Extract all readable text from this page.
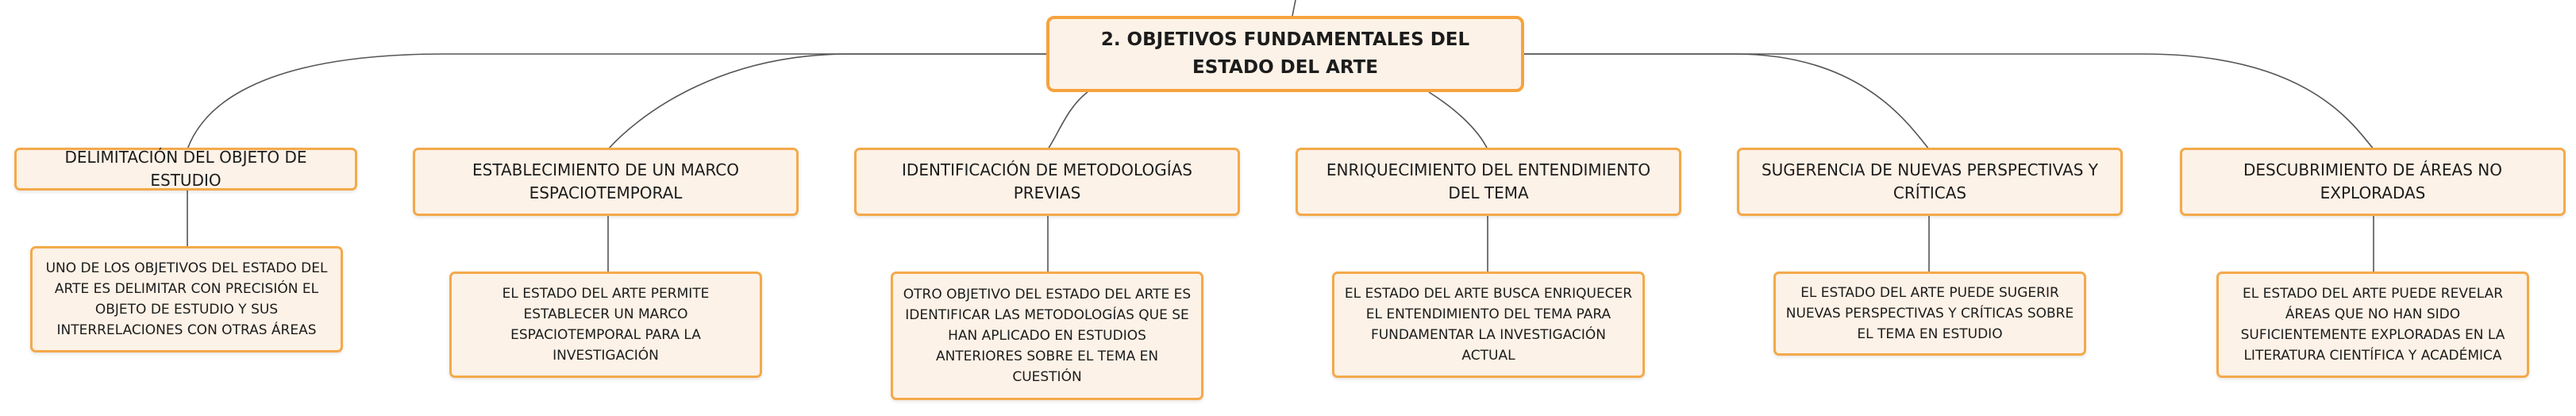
2. OBJETIVOS FUNDAMENTALES DEL ESTADO DEL ARTE
DELIMITACIÓN DEL OBJETO DE ESTUDIO
UNO DE LOS OBJETIVOS DEL ESTADO DEL ARTE ES DELIMITAR CON PRECISIÓN EL OBJETO DE ESTUDIO Y SUS INTERRELACIONES CON OTRAS ÁREAS
ESTABLECIMIENTO DE UN MARCO ESPACIOTEMPORAL
EL ESTADO DEL ARTE PERMITE ESTABLECER UN MARCO ESPACIOTEMPORAL PARA LA INVESTIGACIÓN
IDENTIFICACIÓN DE METODOLOGÍAS PREVIAS
OTRO OBJETIVO DEL ESTADO DEL ARTE ES IDENTIFICAR LAS METODOLOGÍAS QUE SE HAN APLICADO EN ESTUDIOS ANTERIORES SOBRE EL TEMA EN CUESTIÓN
ENRIQUECIMIENTO DEL ENTENDIMIENTO DEL TEMA
EL ESTADO DEL ARTE BUSCA ENRIQUECER EL ENTENDIMIENTO DEL TEMA PARA FUNDAMENTAR LA INVESTIGACIÓN ACTUAL
SUGERENCIA DE NUEVAS PERSPECTIVAS Y CRÍTICAS
EL ESTADO DEL ARTE PUEDE SUGERIR NUEVAS PERSPECTIVAS Y CRÍTICAS SOBRE EL TEMA EN ESTUDIO
DESCUBRIMIENTO DE ÁREAS NO EXPLORADAS
EL ESTADO DEL ARTE PUEDE REVELAR ÁREAS QUE NO HAN SIDO SUFICIENTEMENTE EXPLORADAS EN LA LITERATURA CIENTÍFICA Y ACADÉMICA
